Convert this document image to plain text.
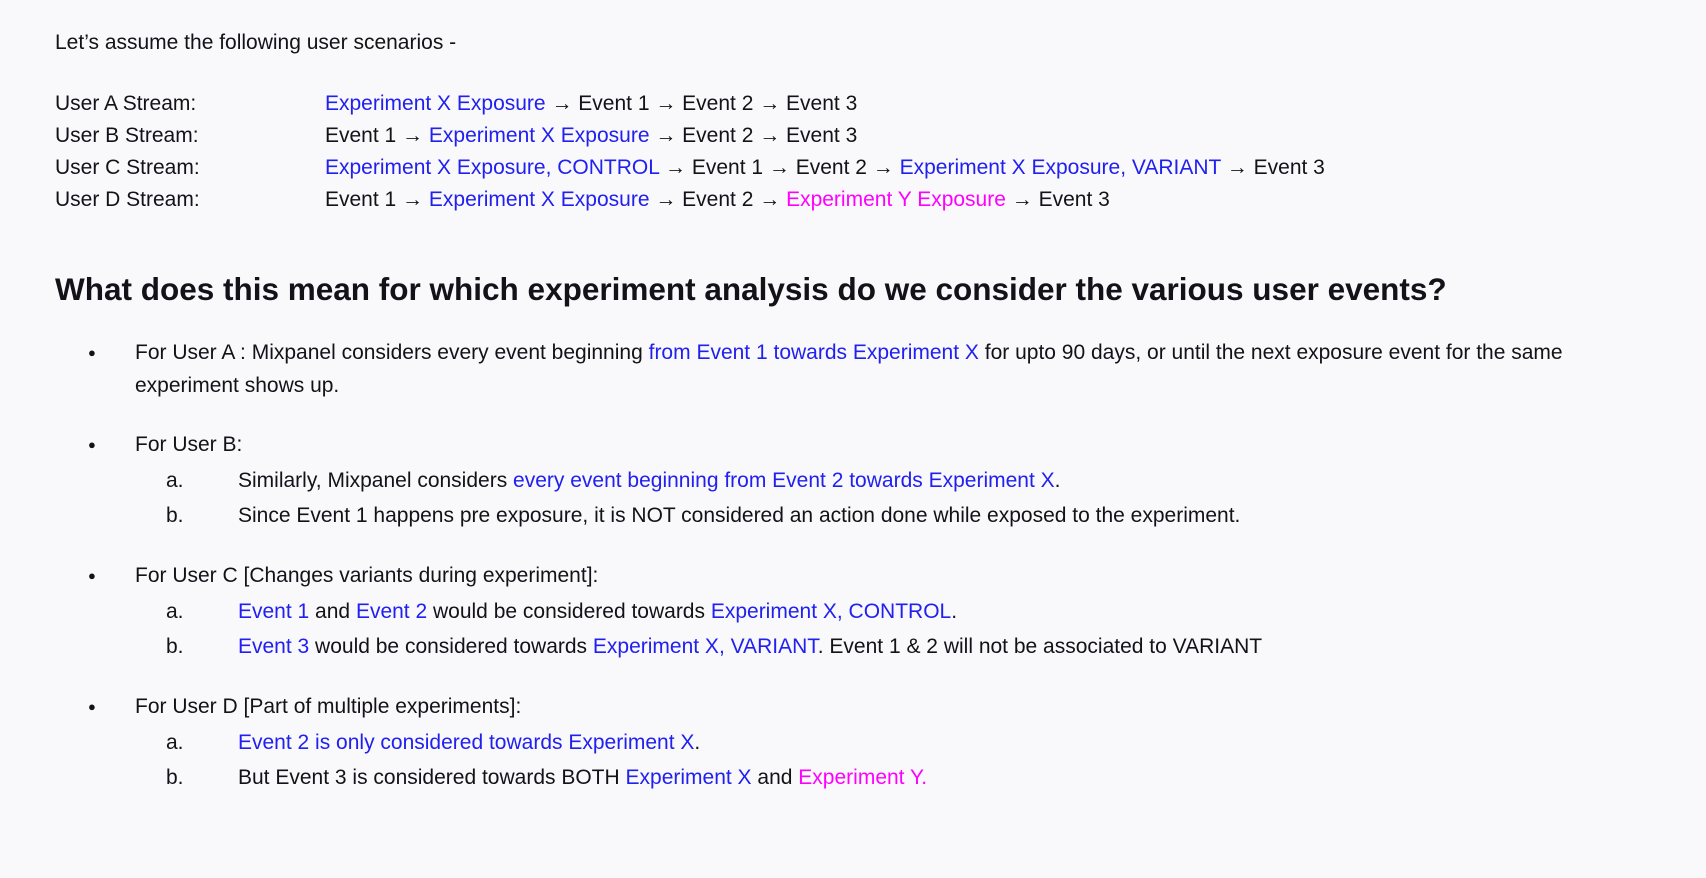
Let’s assume the following user scenarios -

User A Stream:	Experiment X Exposure → Event 1 → Event 2 → Event 3
User B Stream:	Event 1 → Experiment X Exposure → Event 2 → Event 3
User C Stream:	Experiment X Exposure, CONTROL → Event 1 → Event 2 → Experiment X Exposure, VARIANT → Event 3
User D Stream:	Event 1 → Experiment X Exposure → Event 2 → Experiment Y Exposure → Event 3
What does this mean for which experiment analysis do we consider the various user events?
●	For User A : Mixpanel considers every event beginning from Event 1 towards Experiment X for upto 90 days, or until the next exposure event for the same experiment shows up.
●	For User B:
a.	Similarly, Mixpanel considers every event beginning from Event 2 towards Experiment X.
b.	Since Event 1 happens pre exposure, it is NOT considered an action done while exposed to the experiment.
●	For User C [Changes variants during experiment]:
a.	Event 1 and Event 2 would be considered towards Experiment X, CONTROL.
b.	Event 3 would be considered towards Experiment X, VARIANT. Event 1 & 2 will not be associated to VARIANT
●	For User D [Part of multiple experiments]:
a.	Event 2 is only considered towards Experiment X.
b.	But Event 3 is considered towards BOTH Experiment X and Experiment Y.
